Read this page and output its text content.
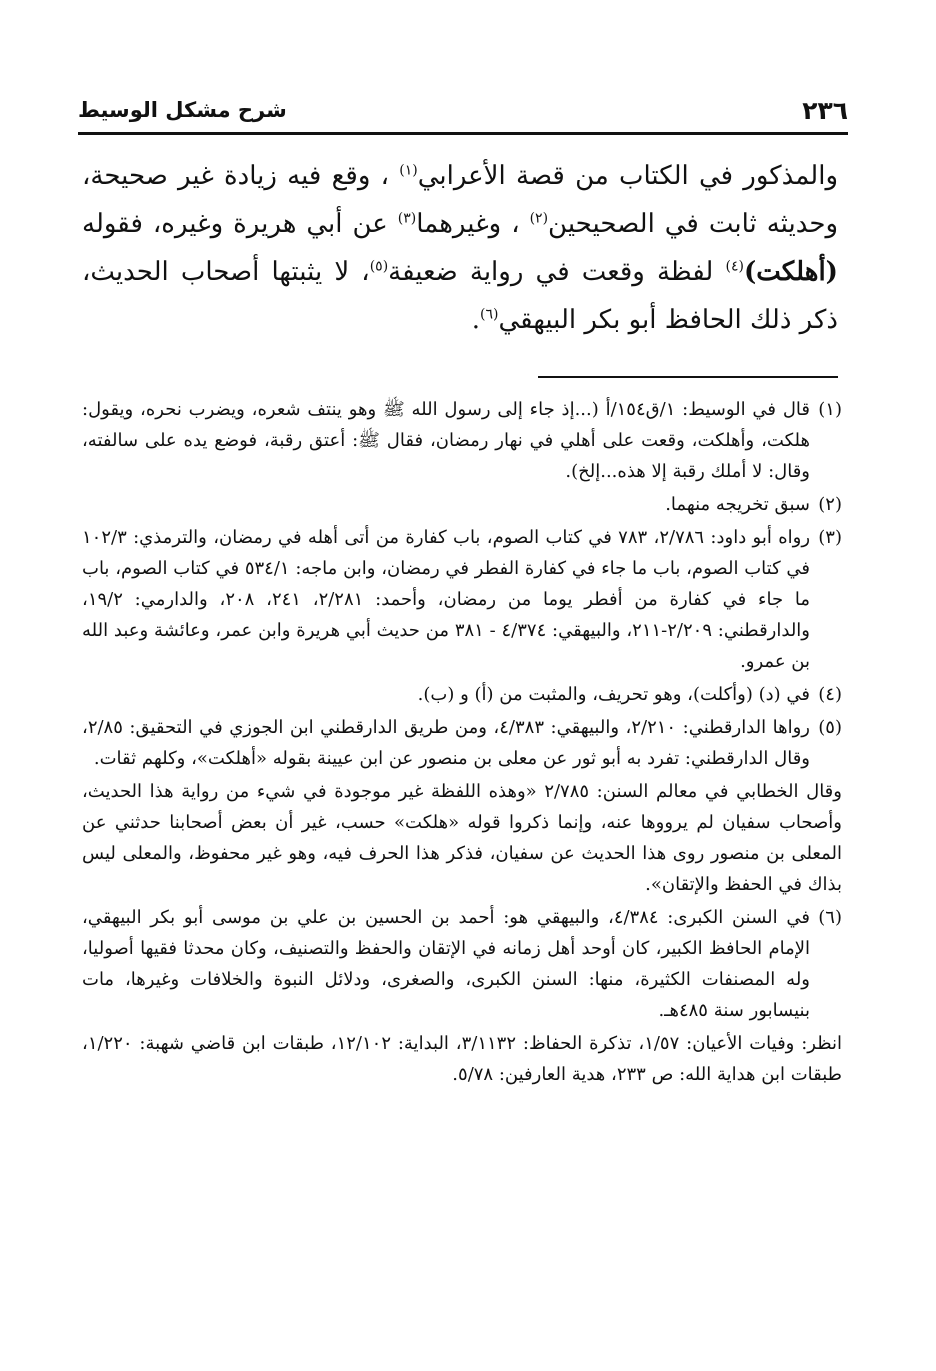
٢٣٦
شرح مشكل الوسيط

والمذكور في الكتاب من قصة الأعرابي$^{(١)}$ ، وقع فيه زيادة غير صحيحة، وحديثه ثابت في الصحيحين$^{(٢)}$ ، وغيرهما$^{(٣)}$ عن أبي هريرة وغيره، فقوله (أهلكت)$^{(٤)}$ لفظة وقعت في رواية ضعيفة$^{(٥)}$، لا يثبتها أصحاب الحديث، ذكر ذلك الحافظ أبو بكر البيهقي$^{(٦)}$.

(١)
قال في الوسيط: ١/ق١٥٤/أ (...إذ جاء إلى رسول الله ﷺ وهو ينتف شعره، ويضرب نحره، ويقول: هلكت، وأهلكت، وقعت على أهلي في نهار رمضان، فقال ﷺ: أعتق رقبة، فوضع يده على سالفته، وقال: لا أملك رقبة إلا هذه...إلخ).

(٢)
سبق تخريجه منهما.

(٣)
رواه أبو داود: ٢/٧٨٦، ٧٨٣ في كتاب الصوم، باب كفارة من أتى أهله في رمضان، والترمذي: ١٠٢/٣ في كتاب الصوم، باب ما جاء في كفارة الفطر في رمضان، وابن ماجه: ٥٣٤/١ في كتاب الصوم، باب ما جاء في كفارة من أفطر يوما من رمضان، وأحمد: ٢/٢٨١، ٢٤١، ٢٠٨، والدارمي: ١٩/٢، والدارقطني: ٢/٢٠٩-٢١١، والبيهقي: ٤/٣٧٤ - ٣٨١ من حديث أبي هريرة وابن عمر، وعائشة وعبد الله بن عمرو.

(٤)
في (د) (وأكلت)، وهو تحريف، والمثبت من (أ) و (ب).

(٥)
رواها الدارقطني: ٢/٢١٠، والبيهقي: ٤/٣٨٣، ومن طريق الدارقطني ابن الجوزي في التحقيق: ٢/٨٥، وقال الدارقطني: تفرد به أبو ثور عن معلى بن منصور عن ابن عيينة بقوله «أهلكت»، وكلهم ثقات.

وقال الخطابي في معالم السنن: ٢/٧٨٥ «وهذه اللفظة غير موجودة في شيء من رواية هذا الحديث، وأصحاب سفيان لم يرووها عنه، وإنما ذكروا قوله «هلكت» حسب، غير أن بعض أصحابنا حدثني عن المعلى بن منصور روى هذا الحديث عن سفيان، فذكر هذا الحرف فيه، وهو غير محفوظ، والمعلى ليس بذاك في الحفظ والإتقان».

(٦)
في السنن الكبرى: ٤/٣٨٤، والبيهقي هو: أحمد بن الحسين بن علي بن موسى أبو بكر البيهقي، الإمام الحافظ الكبير، كان أوحد أهل زمانه في الإتقان والحفظ والتصنيف، وكان محدثا فقيها أصوليا، وله المصنفات الكثيرة، منها: السنن الكبرى، والصغرى، ودلائل النبوة والخلافات وغيرها، مات بنيسابور سنة ٤٨٥هـ.

انظر: وفيات الأعيان: ١/٥٧، تذكرة الحفاظ: ٣/١١٣٢، البداية: ١٢/١٠٢، طبقات ابن قاضي شهبة: ١/٢٢٠، طبقات ابن هداية الله: ص ٢٣٣، هدية العارفين: ٥/٧٨.
